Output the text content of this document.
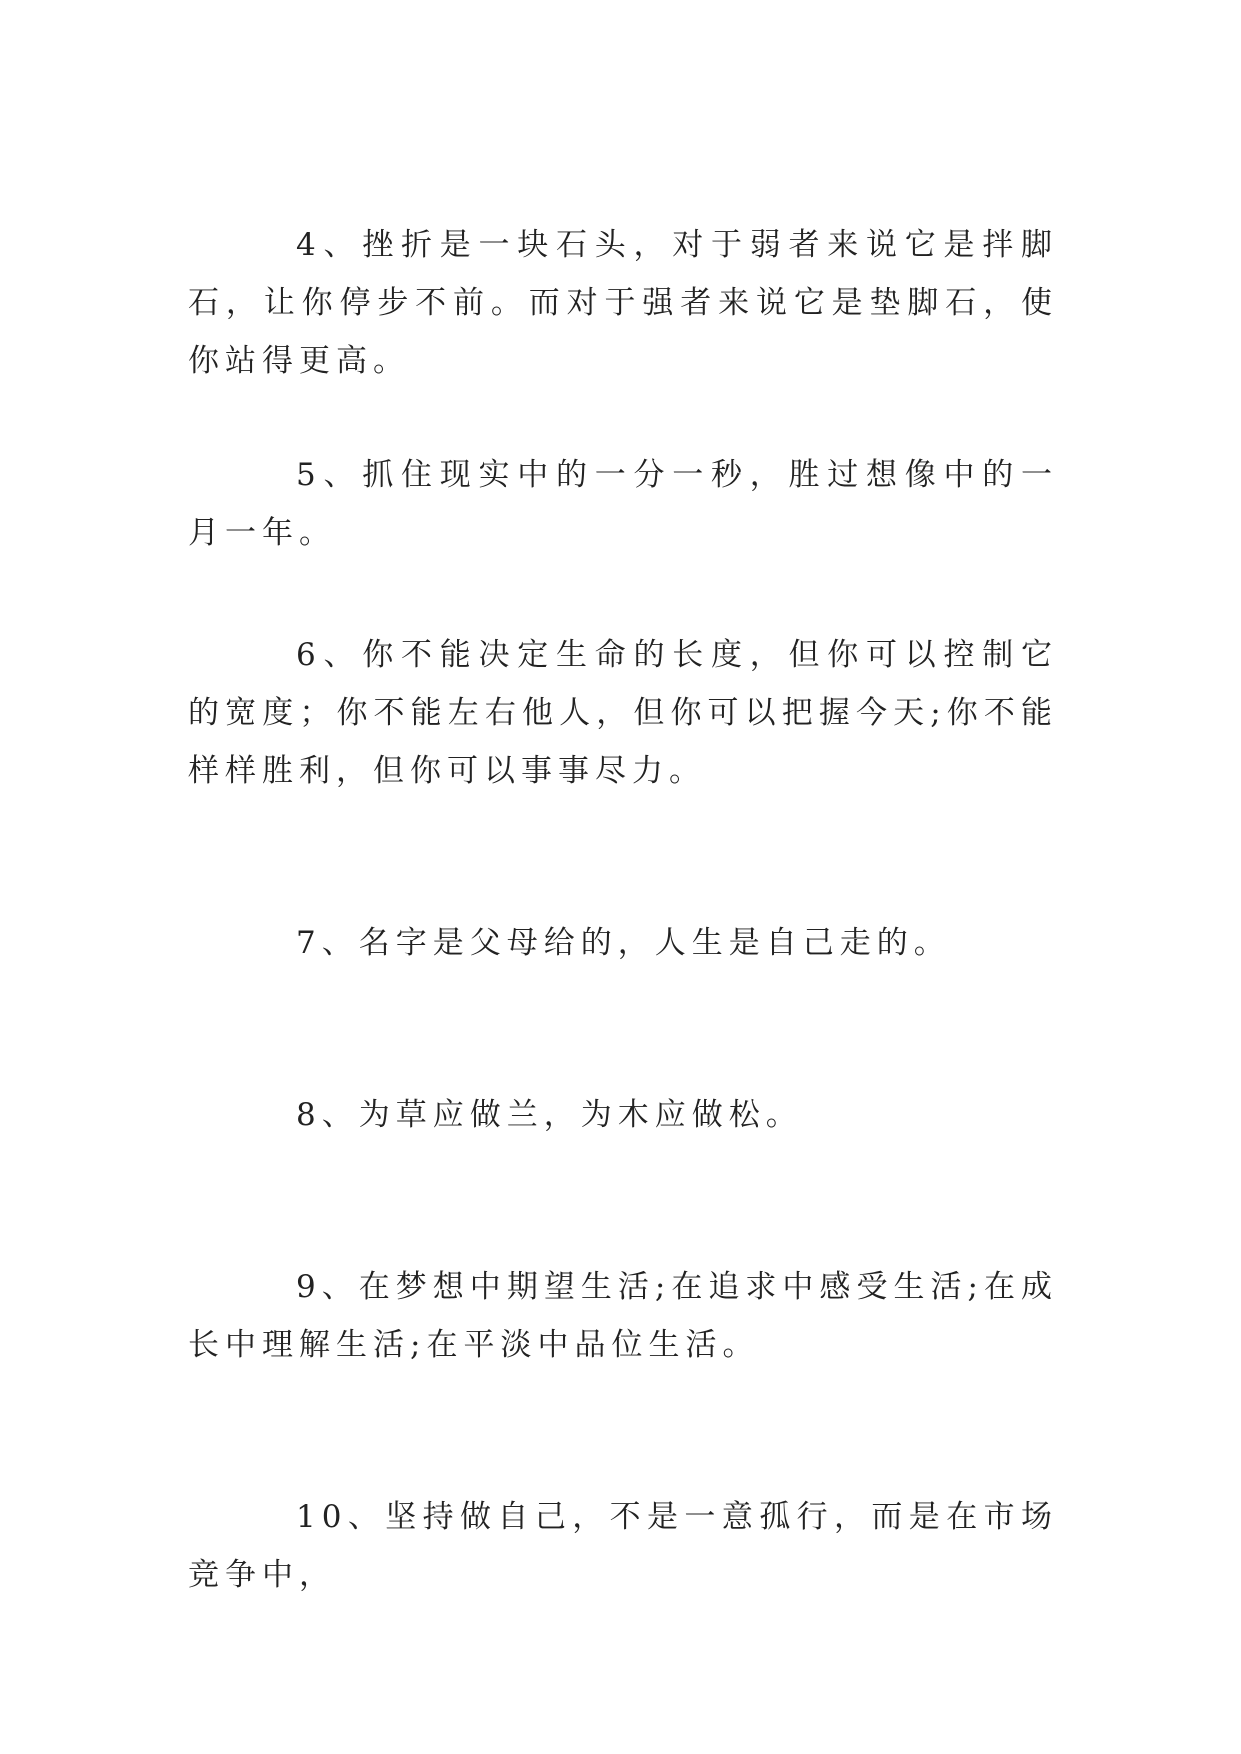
4、挫折是一块石头，对于弱者来说它是拌脚石，让你停步不前。而对于强者来说它是垫脚石，使你站得更高。

5、抓住现实中的一分一秒，胜过想像中的一月一年。

6、你不能决定生命的长度，但你可以控制它的宽度；你不能左右他人，但你可以把握今天;你不能样样胜利，但你可以事事尽力。

7、名字是父母给的，人生是自己走的。

8、为草应做兰，为木应做松。

9、在梦想中期望生活;在追求中感受生活;在成长中理解生活;在平淡中品位生活。

10、坚持做自己，不是一意孤行，而是在市场竞争中，
